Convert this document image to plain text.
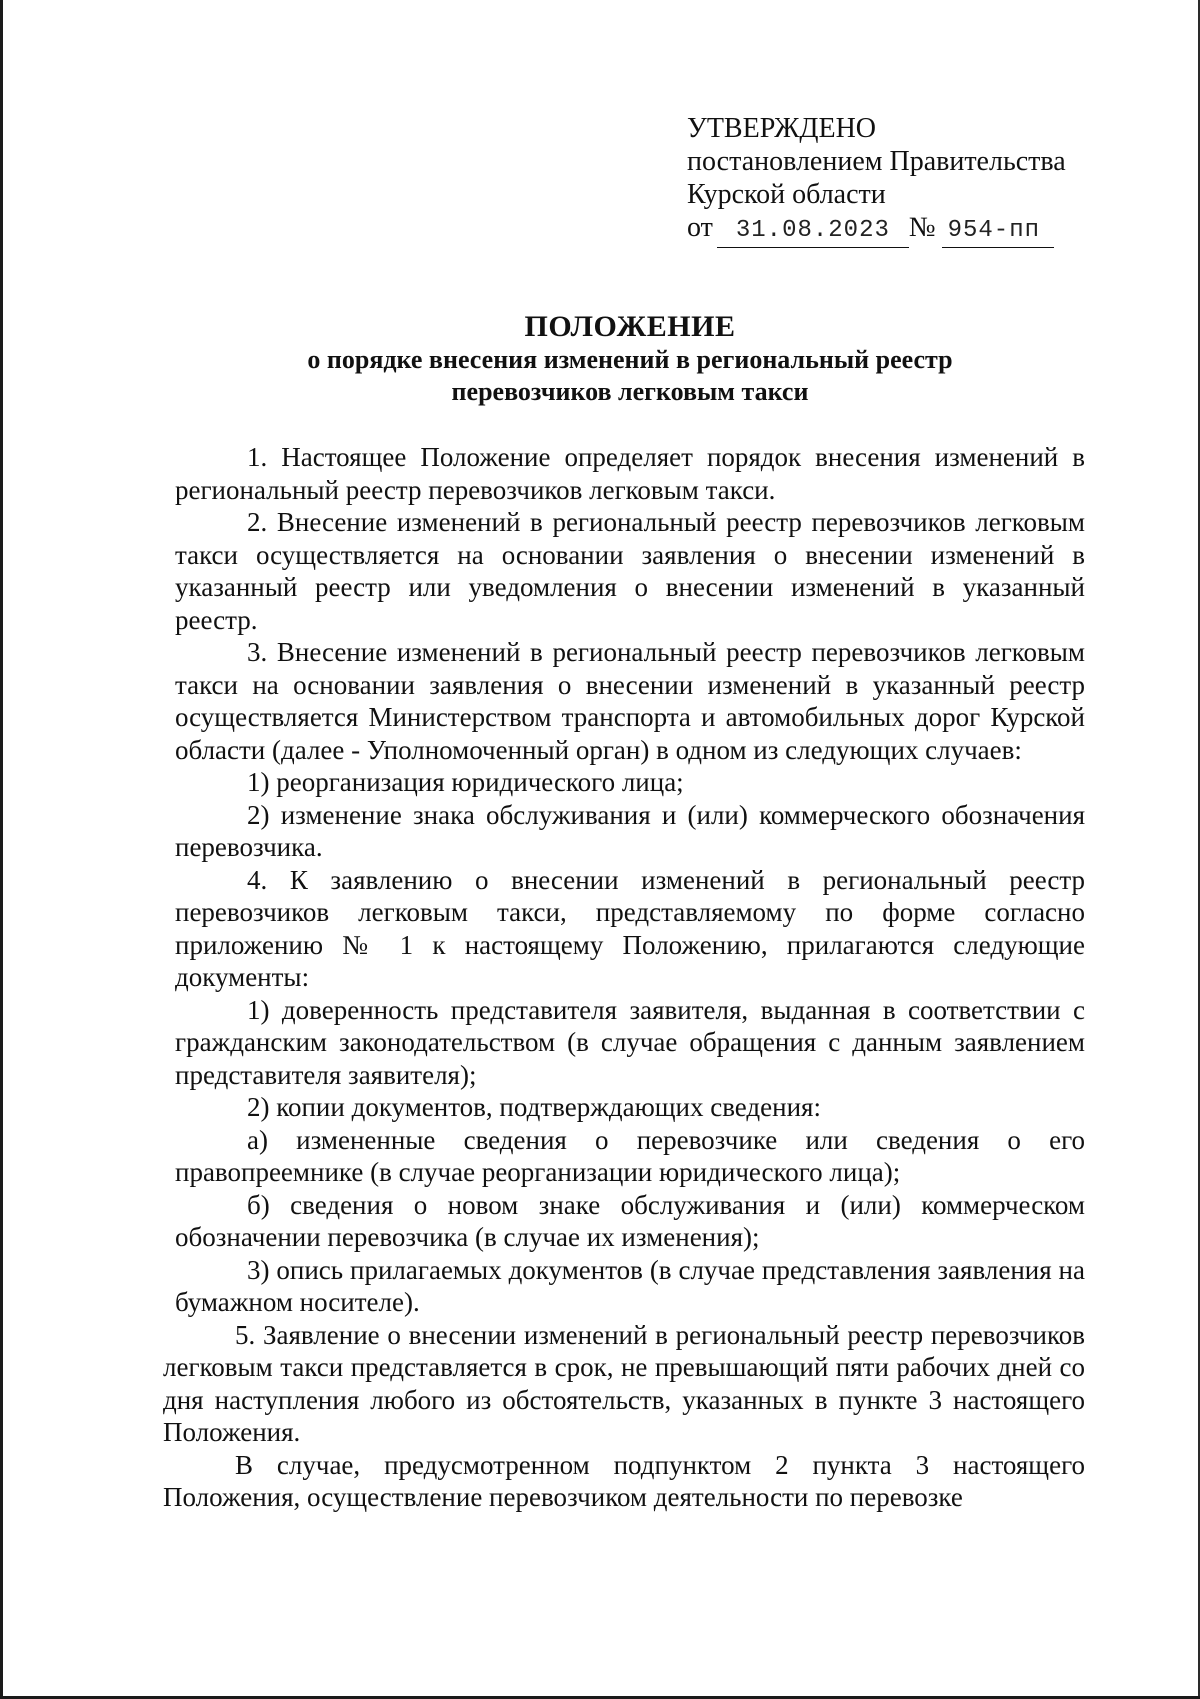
УТВЕРЖДЕНО
постановлением Правительства
Курской области
от 31.08.2023 № 954-пп
ПОЛОЖЕНИЕ
о порядке внесения изменений в региональный реестр перевозчиков легковым такси

1. Настоящее Положение определяет порядок внесения изменений в региональный реестр перевозчиков легковым такси.

2. Внесение изменений в региональный реестр перевозчиков легковым такси осуществляется на основании заявления о внесении изменений в указанный реестр или уведомления о внесении изменений в указанный реестр.

3. Внесение изменений в региональный реестр перевозчиков легковым такси на основании заявления о внесении изменений в указанный реестр осуществляется Министерством транспорта и автомобильных дорог Курской области (далее - Уполномоченный орган) в одном из следующих случаев:

1) реорганизация юридического лица;

2) изменение знака обслуживания и (или) коммерческого обозначения перевозчика.

4. К заявлению о внесении изменений в региональный реестр перевозчиков легковым такси, представляемому по форме согласно приложению № 1 к настоящему Положению, прилагаются следующие документы:

1) доверенность представителя заявителя, выданная в соответствии с гражданским законодательством (в случае обращения с данным заявлением представителя заявителя);

2) копии документов, подтверждающих сведения:

а) измененные сведения о перевозчике или сведения о его правопреемнике (в случае реорганизации юридического лица);

б) сведения о новом знаке обслуживания и (или) коммерческом обозначении перевозчика (в случае их изменения);

3) опись прилагаемых документов (в случае представления заявления на бумажном носителе).

5. Заявление о внесении изменений в региональный реестр перевозчиков легковым такси представляется в срок, не превышающий пяти рабочих дней со дня наступления любого из обстоятельств, указанных в пункте 3 настоящего Положения.

В случае, предусмотренном подпунктом 2 пункта 3 настоящего Положения, осуществление перевозчиком деятельности по перевозке
